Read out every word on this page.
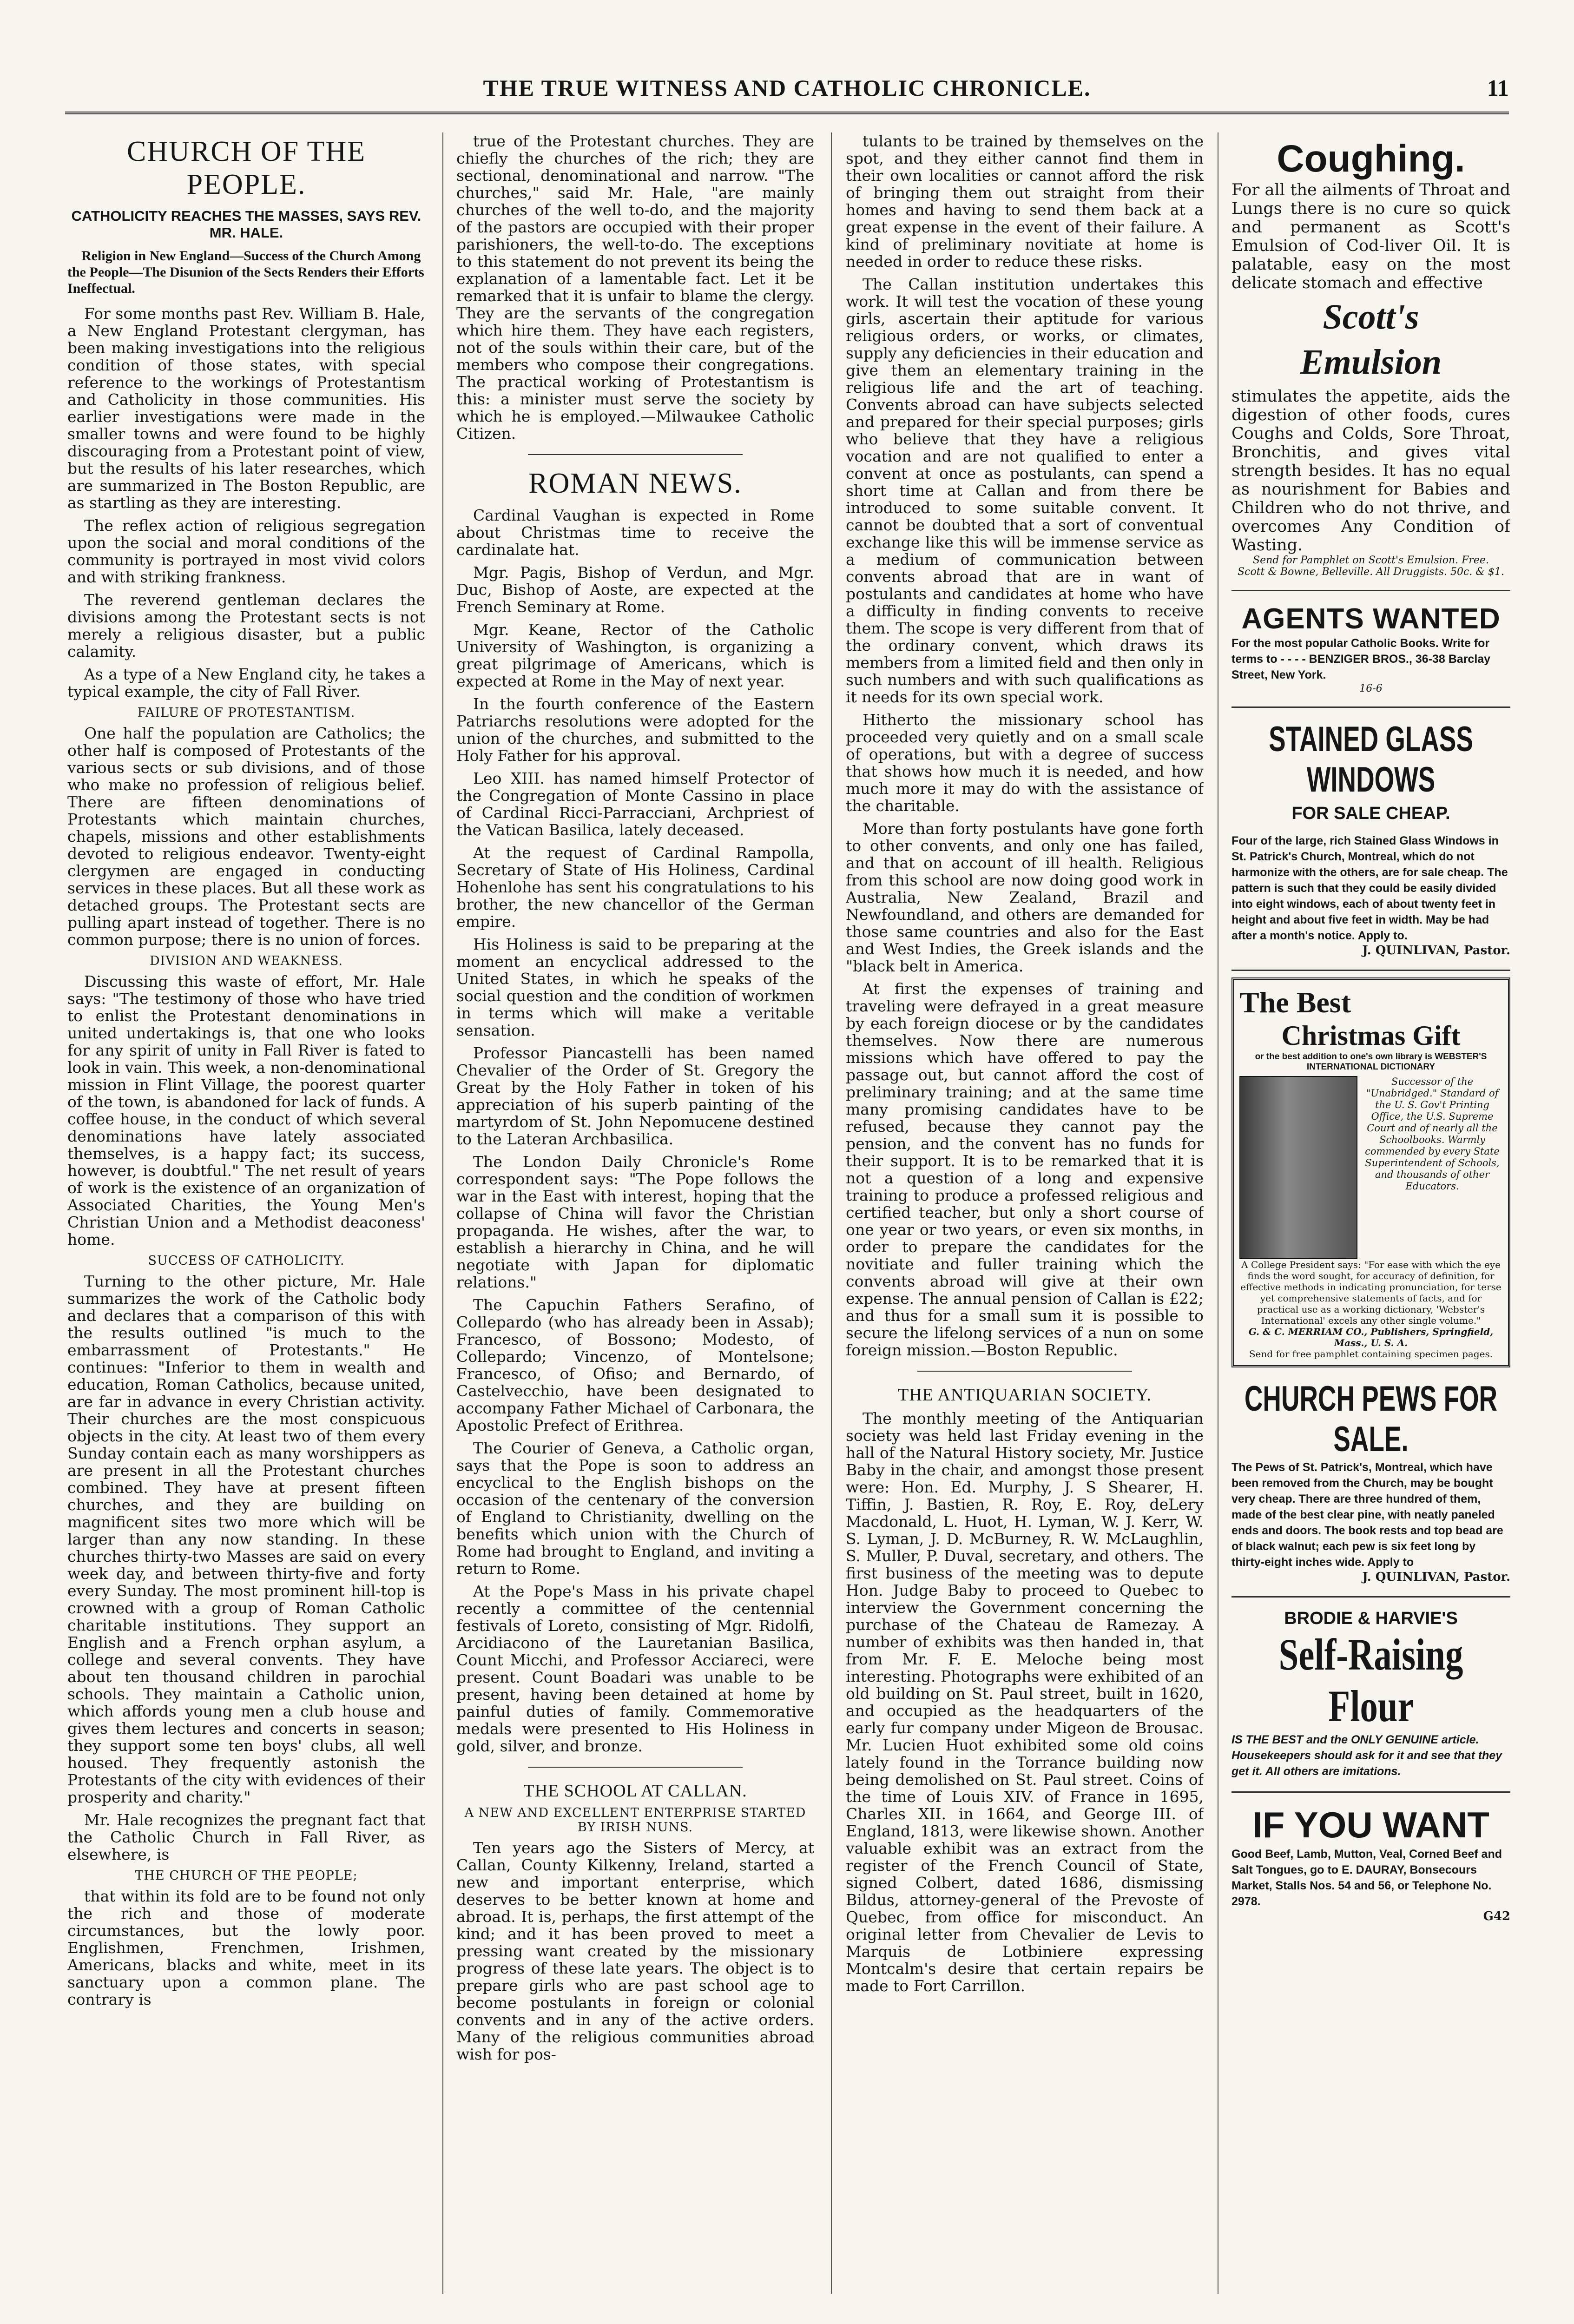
THE TRUE WITNESS AND CATHOLIC CHRONICLE.	11
CHURCH OF THE PEOPLE.
CATHOLICITY REACHES THE MASSES, SAYS REV. MR. HALE.
Religion in New England—Success of the Church Among the People—The Disunion of the Sects Renders their Efforts Ineffectual.

For some months past Rev. William B. Hale, a New England Protestant clergyman, has been making investigations into the religious condition of those states, with special reference to the workings of Protestantism and Catholicity in those communities. His earlier investigations were made in the smaller towns and were found to be highly discouraging from a Protestant point of view, but the results of his later researches, which are summarized in The Boston Republic, are as startling as they are interesting.

The reflex action of religious segregation upon the social and moral conditions of the community is portrayed in most vivid colors and with striking frankness.

The reverend gentleman declares the divisions among the Protestant sects is not merely a religious disaster, but a public calamity.

As a type of a New England city, he takes a typical example, the city of Fall River.

FAILURE OF PROTESTANTISM.

One half the population are Catholics; the other half is composed of Protestants of the various sects or sub divisions, and of those who make no profession of religious belief. There are fifteen denominations of Protestants which maintain churches, chapels, missions and other establishments devoted to religious endeavor. Twenty-eight clergymen are engaged in conducting services in these places. But all these work as detached groups. The Protestant sects are pulling apart instead of together. There is no common purpose; there is no union of forces.

DIVISION AND WEAKNESS.

Discussing this waste of effort, Mr. Hale says: "The testimony of those who have tried to enlist the Protestant denominations in united undertakings is, that one who looks for any spirit of unity in Fall River is fated to look in vain. This week, a non-denominational mission in Flint Village, the poorest quarter of the town, is abandoned for lack of funds. A coffee house, in the conduct of which several denominations have lately associated themselves, is a happy fact; its success, however, is doubtful." The net result of years of work is the existence of an organization of Associated Charities, the Young Men's Christian Union and a Methodist deaconess' home.

SUCCESS OF CATHOLICITY.

Turning to the other picture, Mr. Hale summarizes the work of the Catholic body and declares that a comparison of this with the results outlined "is much to the embarrassment of Protestants." He continues: "Inferior to them in wealth and education, Roman Catholics, because united, are far in advance in every Christian activity. Their churches are the most conspicuous objects in the city. At least two of them every Sunday contain each as many worshippers as are present in all the Protestant churches combined. They have at present fifteen churches, and they are building on magnificent sites two more which will be larger than any now standing. In these churches thirty-two Masses are said on every week day, and between thirty-five and forty every Sunday. The most prominent hill-top is crowned with a group of Roman Catholic charitable institutions. They support an English and a French orphan asylum, a college and several convents. They have about ten thousand children in parochial schools. They maintain a Catholic union, which affords young men a club house and gives them lectures and concerts in season; they support some ten boys' clubs, all well housed. They frequently astonish the Protestants of the city with evidences of their prosperity and charity."

Mr. Hale recognizes the pregnant fact that the Catholic Church in Fall River, as elsewhere, is

THE CHURCH OF THE PEOPLE;

that within its fold are to be found not only the rich and those of moderate circumstances, but the lowly poor. Englishmen, Frenchmen, Irishmen, Americans, blacks and white, meet in its sanctuary upon a common plane. The contrary is

true of the Protestant churches. They are chiefly the churches of the rich; they are sectional, denominational and narrow. "The churches," said Mr. Hale, "are mainly churches of the well to-do, and the majority of the pastors are occupied with their proper parishioners, the well-to-do. The exceptions to this statement do not prevent its being the explanation of a lamentable fact. Let it be remarked that it is unfair to blame the clergy. They are the servants of the congregation which hire them. They have each registers, not of the souls within their care, but of the members who compose their congregations. The practical working of Protestantism is this: a minister must serve the society by which he is employed.—Milwaukee Catholic Citizen.

ROMAN NEWS.

Cardinal Vaughan is expected in Rome about Christmas time to receive the cardinalate hat.

Mgr. Pagis, Bishop of Verdun, and Mgr. Duc, Bishop of Aoste, are expected at the French Seminary at Rome.

Mgr. Keane, Rector of the Catholic University of Washington, is organizing a great pilgrimage of Americans, which is expected at Rome in the May of next year.

In the fourth conference of the Eastern Patriarchs resolutions were adopted for the union of the churches, and submitted to the Holy Father for his approval.

Leo XIII. has named himself Protector of the Congregation of Monte Cassino in place of Cardinal Ricci-Parracciani, Archpriest of the Vatican Basilica, lately deceased.

At the request of Cardinal Rampolla, Secretary of State of His Holiness, Cardinal Hohenlohe has sent his congratulations to his brother, the new chancellor of the German empire.

His Holiness is said to be preparing at the moment an encyclical addressed to the United States, in which he speaks of the social question and the condition of workmen in terms which will make a veritable sensation.

Professor Piancastelli has been named Chevalier of the Order of St. Gregory the Great by the Holy Father in token of his appreciation of his superb painting of the martyrdom of St. John Nepomucene destined to the Lateran Archbasilica.

The London Daily Chronicle's Rome correspondent says: "The Pope follows the war in the East with interest, hoping that the collapse of China will favor the Christian propaganda. He wishes, after the war, to establish a hierarchy in China, and he will negotiate with Japan for diplomatic relations."

The Capuchin Fathers Serafino, of Collepardo (who has already been in Assab); Francesco, of Bossono; Modesto, of Collepardo; Vincenzo, of Montelsone; Francesco, of Ofiso; and Bernardo, of Castelvecchio, have been designated to accompany Father Michael of Carbonara, the Apostolic Prefect of Erithrea.

The Courier of Geneva, a Catholic organ, says that the Pope is soon to address an encyclical to the English bishops on the occasion of the centenary of the conversion of England to Christianity, dwelling on the benefits which union with the Church of Rome had brought to England, and inviting a return to Rome.

At the Pope's Mass in his private chapel recently a committee of the centennial festivals of Loreto, consisting of Mgr. Ridolfi, Arcidiacono of the Lauretanian Basilica, Count Micchi, and Professor Acciareci, were present. Count Boadari was unable to be present, having been detained at home by painful duties of family. Commemorative medals were presented to His Holiness in gold, silver, and bronze.

THE SCHOOL AT CALLAN.
A NEW AND EXCELLENT ENTERPRISE STARTED BY IRISH NUNS.

Ten years ago the Sisters of Mercy, at Callan, County Kilkenny, Ireland, started a new and important enterprise, which deserves to be better known at home and abroad. It is, perhaps, the first attempt of the kind; and it has been proved to meet a pressing want created by the missionary progress of these late years. The object is to prepare girls who are past school age to become postulants in foreign or colonial convents and in any of the active orders. Many of the religious communities abroad wish for pos-

tulants to be trained by themselves on the spot, and they either cannot find them in their own localities or cannot afford the risk of bringing them out straight from their homes and having to send them back at a great expense in the event of their failure. A kind of preliminary novitiate at home is needed in order to reduce these risks.

The Callan institution undertakes this work. It will test the vocation of these young girls, ascertain their aptitude for various religious orders, or works, or climates, supply any deficiencies in their education and give them an elementary training in the religious life and the art of teaching. Convents abroad can have subjects selected and prepared for their special purposes; girls who believe that they have a religious vocation and are not qualified to enter a convent at once as postulants, can spend a short time at Callan and from there be introduced to some suitable convent. It cannot be doubted that a sort of conventual exchange like this will be immense service as a medium of communication between convents abroad that are in want of postulants and candidates at home who have a difficulty in finding convents to receive them. The scope is very different from that of the ordinary convent, which draws its members from a limited field and then only in such numbers and with such qualifications as it needs for its own special work.

Hitherto the missionary school has proceeded very quietly and on a small scale of operations, but with a degree of success that shows how much it is needed, and how much more it may do with the assistance of the charitable.

More than forty postulants have gone forth to other convents, and only one has failed, and that on account of ill health. Religious from this school are now doing good work in Australia, New Zealand, Brazil and Newfoundland, and others are demanded for those same countries and also for the East and West Indies, the Greek islands and the "black belt in America.

At first the expenses of training and traveling were defrayed in a great measure by each foreign diocese or by the candidates themselves. Now there are numerous missions which have offered to pay the passage out, but cannot afford the cost of preliminary training; and at the same time many promising candidates have to be refused, because they cannot pay the pension, and the convent has no funds for their support. It is to be remarked that it is not a question of a long and expensive training to produce a professed religious and certified teacher, but only a short course of one year or two years, or even six months, in order to prepare the candidates for the novitiate and fuller training which the convents abroad will give at their own expense. The annual pension of Callan is £22; and thus for a small sum it is possible to secure the lifelong services of a nun on some foreign mission.—Boston Republic.

THE ANTIQUARIAN SOCIETY.

The monthly meeting of the Antiquarian society was held last Friday evening in the hall of the Natural History society, Mr. Justice Baby in the chair, and amongst those present were: Hon. Ed. Murphy, J. S Shearer, H. Tiffin, J. Bastien, R. Roy, E. Roy, deLery Macdonald, L. Huot, H. Lyman, W. J. Kerr, W. S. Lyman, J. D. McBurney, R. W. McLaughlin, S. Muller, P. Duval, secretary, and others. The first business of the meeting was to depute Hon. Judge Baby to proceed to Quebec to interview the Government concerning the purchase of the Chateau de Ramezay. A number of exhibits was then handed in, that from Mr. F. E. Meloche being most interesting. Photographs were exhibited of an old building on St. Paul street, built in 1620, and occupied as the headquarters of the early fur company under Migeon de Brousac. Mr. Lucien Huot exhibited some old coins lately found in the Torrance building now being demolished on St. Paul street. Coins of the time of Louis XIV. of France in 1695, Charles XII. in 1664, and George III. of England, 1813, were likewise shown. Another valuable exhibit was an extract from the register of the French Council of State, signed Colbert, dated 1686, dismissing Bildus, attorney-general of the Prevoste of Quebec, from office for misconduct. An original letter from Chevalier de Levis to Marquis de Lotbiniere expressing Montcalm's desire that certain repairs be made to Fort Carrillon.

Coughing.
For all the ailments of Throat and Lungs there is no cure so quick and permanent as Scott's Emulsion of Cod-liver Oil. It is palatable, easy on the most delicate stomach and effective
Scott's
Emulsion
stimulates the appetite, aids the digestion of other foods, cures Coughs and Colds, Sore Throat, Bronchitis, and gives vital strength besides. It has no equal as nourishment for Babies and Children who do not thrive, and overcomes Any Condition of Wasting.
Send for Pamphlet on Scott's Emulsion. Free.
Scott & Bowne, Belleville. All Druggists. 50c. & $1.
AGENTS WANTED
For the most popular Catholic Books. Write for terms to - - - - BENZIGER BROS., 36-38 Barclay Street, New York.
16-6
STAINED GLASS WINDOWS
FOR SALE CHEAP.
Four of the large, rich Stained Glass Windows in St. Patrick's Church, Montreal, which do not harmonize with the others, are for sale cheap. The pattern is such that they could be easily divided into eight windows, each of about twenty feet in height and about five feet in width. May be had after a month's notice. Apply to.
J. QUINLIVAN, Pastor.
The Best
Christmas Gift
or the best addition to one's own library is WEBSTER'S INTERNATIONAL DICTIONARY
Successor of the "Unabridged." Standard of the U. S. Gov't Printing Office, the U.S. Supreme Court and of nearly all the Schoolbooks. Warmly commended by every State Superintendent of Schools, and thousands of other Educators.
A College President says: "For ease with which the eye finds the word sought, for accuracy of definition, for effective methods in indicating pronunciation, for terse yet comprehensive statements of facts, and for practical use as a working dictionary, 'Webster's International' excels any other single volume."
G. & C. MERRIAM CO., Publishers, Springfield, Mass., U. S. A.
Send for free pamphlet containing specimen pages.
CHURCH PEWS FOR SALE.
The Pews of St. Patrick's, Montreal, which have been removed from the Church, may be bought very cheap. There are three hundred of them, made of the best clear pine, with neatly paneled ends and doors. The book rests and top bead are of black walnut; each pew is six feet long by thirty-eight inches wide. Apply to
J. QUINLIVAN, Pastor.
BRODIE & HARVIE'S
Self-Raising Flour
IS THE BEST and the ONLY GENUINE article. Housekeepers should ask for it and see that they get it. All others are imitations.
IF YOU WANT
Good Beef, Lamb, Mutton, Veal, Corned Beef and Salt Tongues, go to E. DAURAY, Bonsecours Market, Stalls Nos. 54 and 56, or Telephone No. 2978.
G42
